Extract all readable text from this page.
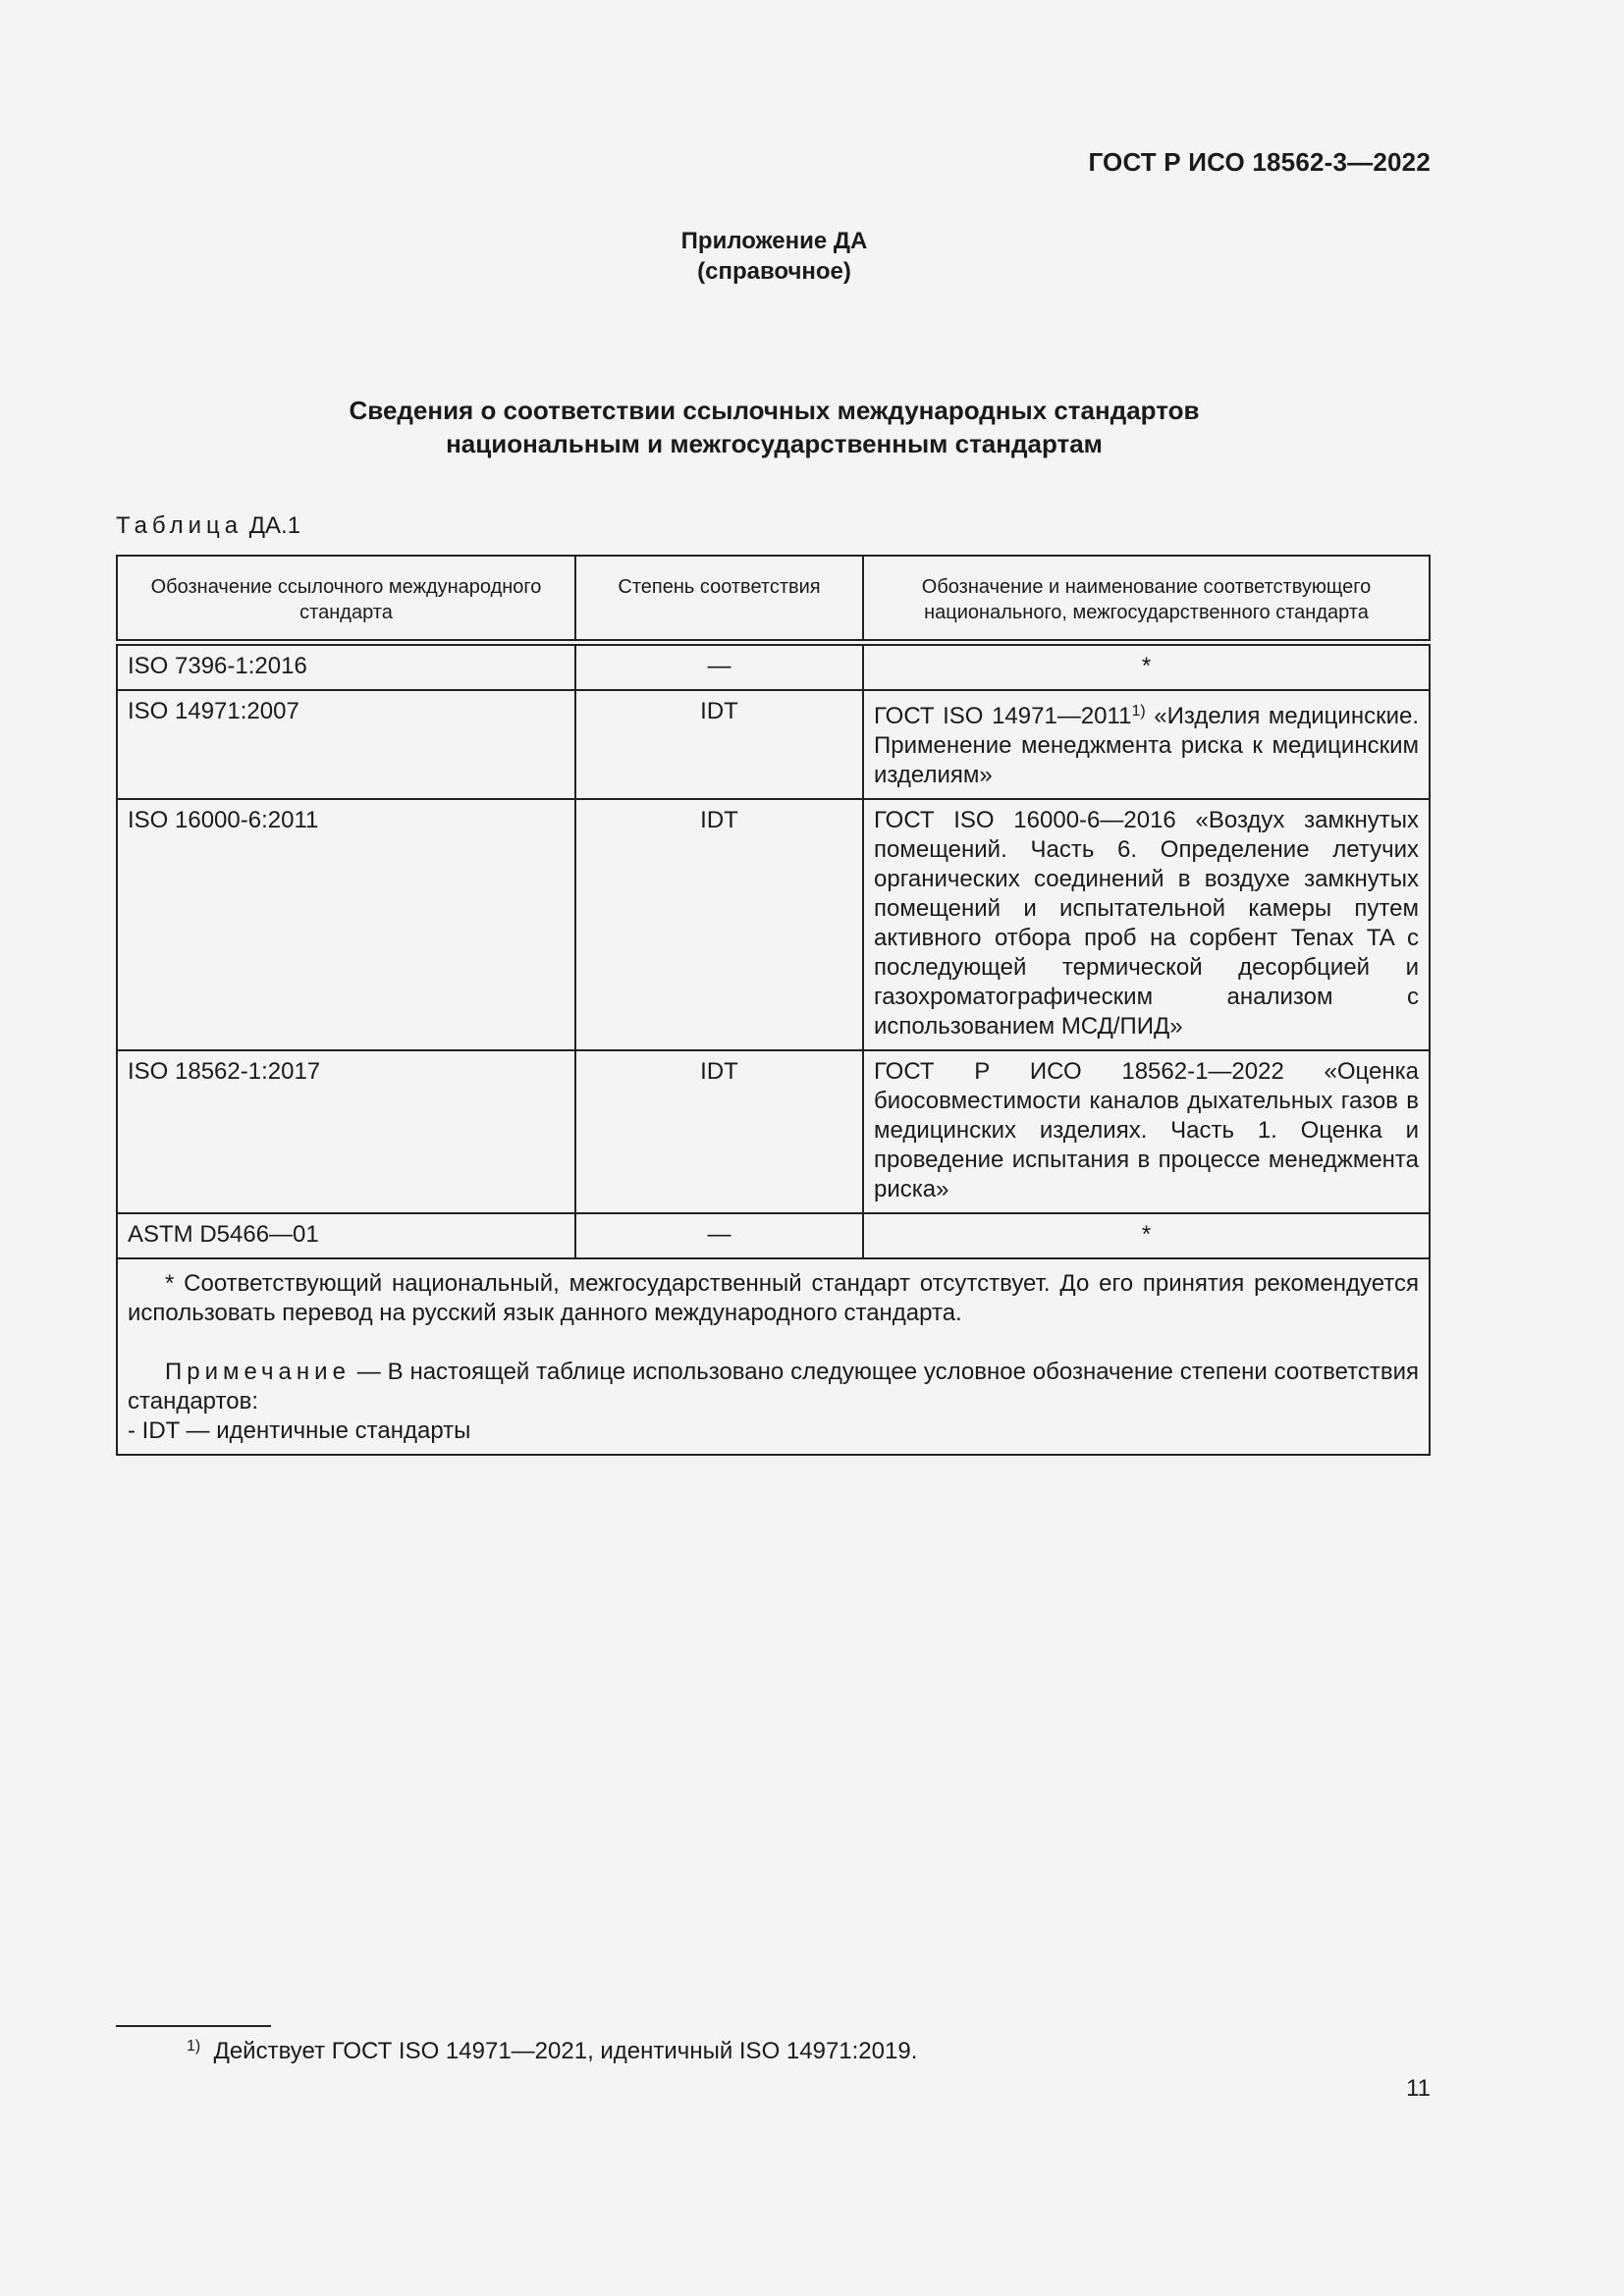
ГОСТ Р ИСО 18562-3—2022
Приложение ДА
(справочное)
Сведения о соответствии ссылочных международных стандартов
национальным и межгосударственным стандартам
Таблица ДА.1
Обозначение ссылочного международного стандарта	Степень соответствия	Обозначение и наименование соответствующего национального, межгосударственного стандарта
ISO 7396-1:2016	—	*
ISO 14971:2007	IDT	ГОСТ ISO 14971—2011$^{1)}$ «Изделия медицинские. Применение менеджмента риска к медицинским изделиям»
ISO 16000-6:2011	IDT	ГОСТ ISO 16000-6—2016 «Воздух замкнутых помещений. Часть 6. Определение летучих органических соединений в воздухе замкнутых помещений и испытательной камеры путем активного отбора проб на сорбент Tenax TA с последующей термической десорбцией и газохроматографическим анализом с использованием МСД/ПИД»
ISO 18562-1:2017	IDT	ГОСТ Р ИСО 18562-1—2022 «Оценка биосовместимости каналов дыхательных газов в медицинских изделиях. Часть 1. Оценка и проведение испытания в процессе менеджмента риска»
ASTM D5466—01	—	*

* Соответствующий национальный, межгосударственный стандарт отсутствует. До его принятия рекомендуется использовать перевод на русский язык данного международного стандарта.

Примечание — В настоящей таблице использовано следующее условное обозначение степени соответствия стандартов:

- IDT — идентичные стандарты		

$^{1)}$ Действует ГОСТ ISO 14971—2021, идентичный ISO 14971:2019.
11
